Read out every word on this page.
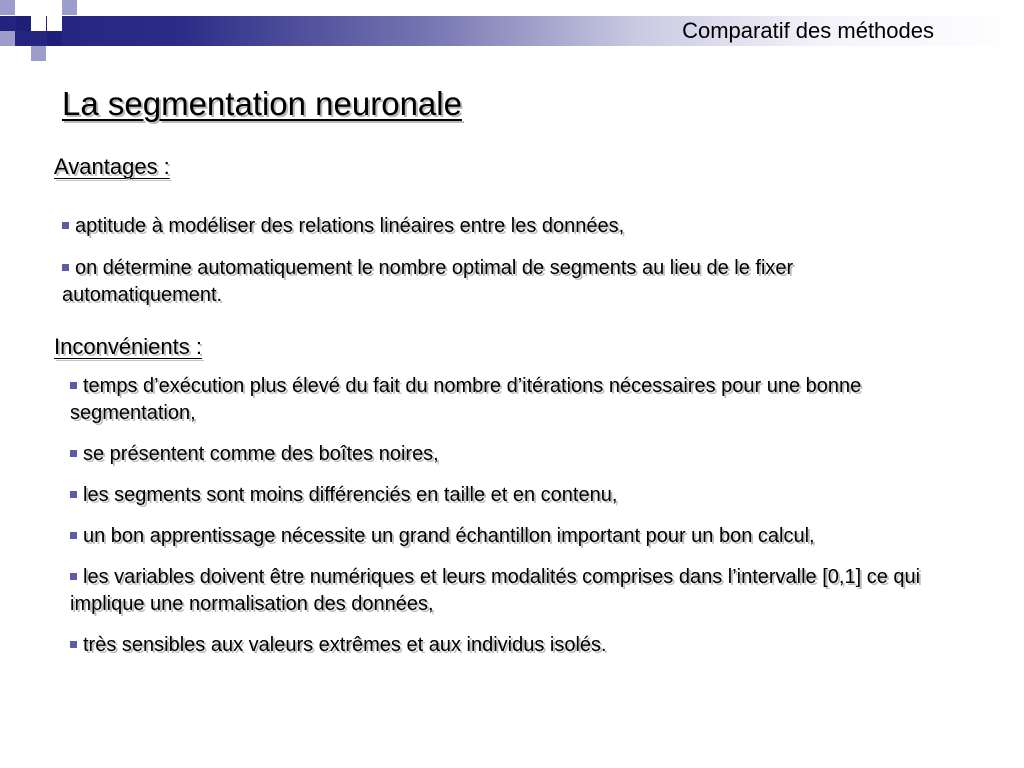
Comparatif des méthodes
La segmentation neuronale
Avantages :
aptitude à modéliser des relations linéaires entre les données,
on détermine automatiquement le nombre optimal de segments au lieu de le fixer automatiquement.
Inconvénients :
temps d’exécution plus élevé du fait du nombre d’itérations nécessaires pour une bonne segmentation,
se présentent comme des boîtes noires,
les segments sont moins différenciés en taille et en contenu,
un bon apprentissage nécessite un grand échantillon important pour un bon calcul,
les variables doivent être numériques et leurs modalités comprises dans l’intervalle [0,1] ce qui implique une normalisation des données,
très sensibles aux valeurs extrêmes et aux individus isolés.
